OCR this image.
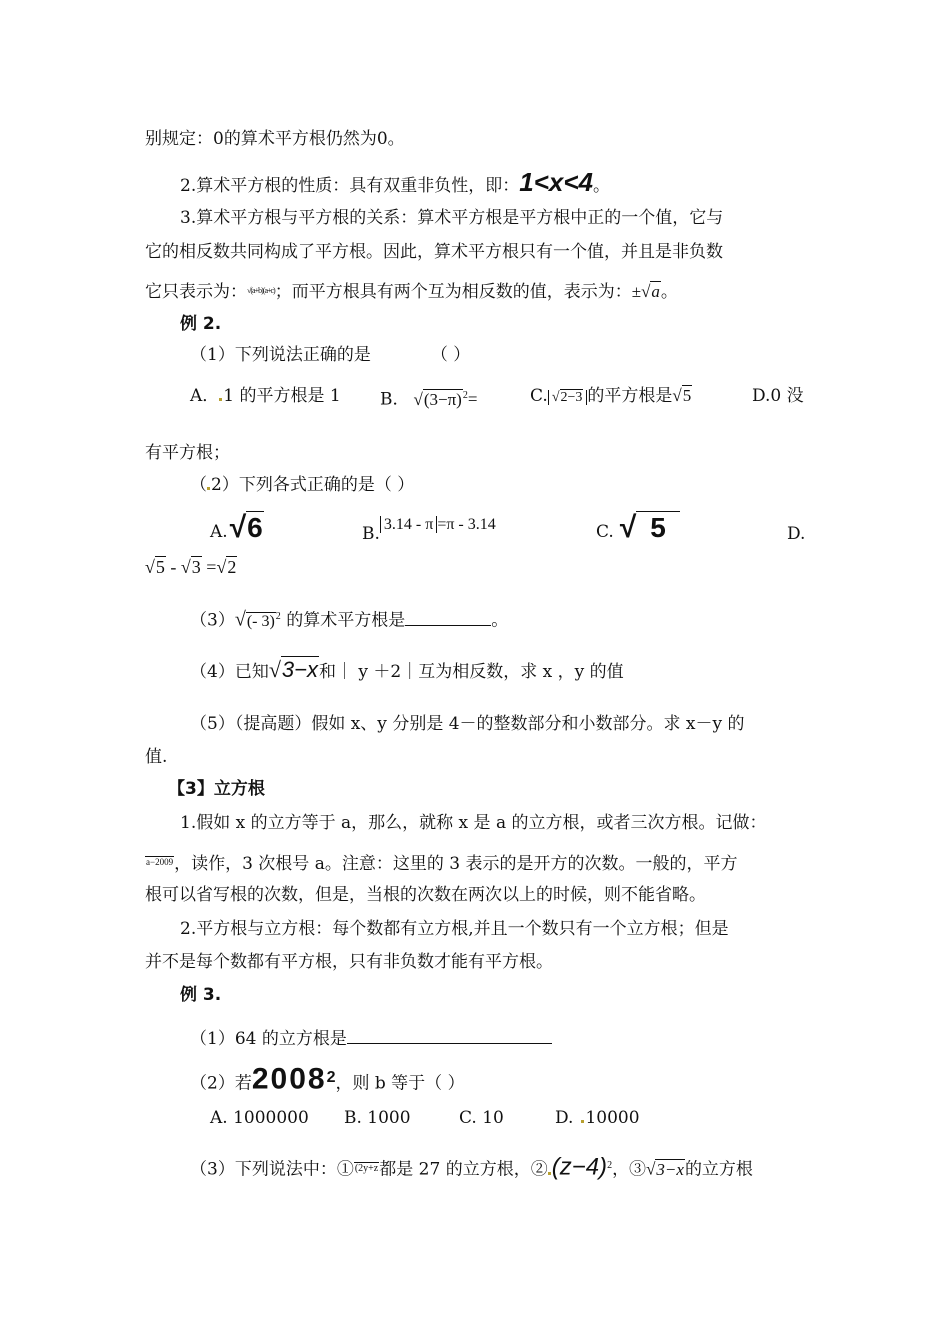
别规定：0的算术平方根仍然为0。
2.算术平方根的性质：具有双重非负性，即：1<x<4。
3.算术平方根与平方根的关系：算术平方根是平方根中正的一个值，它与
它的相反数共同构成了平方根。因此，算术平方根只有一个值，并且是非负数
它只表示为：$^{√(a+b)(a+c)}$；而平方根具有两个互为相反数的值，表示为：±√a。
例 2.
（1）下列说法正确的是	（ ）
A． 1 的平方根是 1 B． $√(3-\pi)^2=$	C. √2−3 的平方根是√5	D.0 没
有平方根；
（ 2）下列各式正确的是（ ）
A.√6	B. 3.14 - π =π - 3.14	C. √ 5	D.
√5 - √3 =√2
（3）√(- 3)$^2$ 的算术平方根是	。
（4）已知√3−x和｜ y ＋2｜互为相反数，求 x ，y 的值
（5）（提高题）假如 x、y 分别是 4－的整数部分和小数部分。求 x－y 的
值.
【3】立方根
1.假如 x 的立方等于 a，那么，就称 x 是 a 的立方根，或者三次方根。记做：
$^{a-2009}$，读作，3 次根号 a。注意：这里的 3 表示的是开方的次数。一般的，平方
根可以省写根的次数，但是，当根的次数在两次以上的时候，则不能省略。
2.平方根与立方根：每个数都有立方根,并且一个数只有一个立方根；但是
并不是每个数都有平方根，只有非负数才能有平方根。
例 3.
（1）64 的立方根是
（2）若2008$^2$，则 b 等于（ ）
A. 1000000 B. 1000	C. 10	D. 10000
（3）下列说法中：①$^{(2y+z}$都是 27 的立方根，② $(z-4)^2$，③√3−x的立方根
